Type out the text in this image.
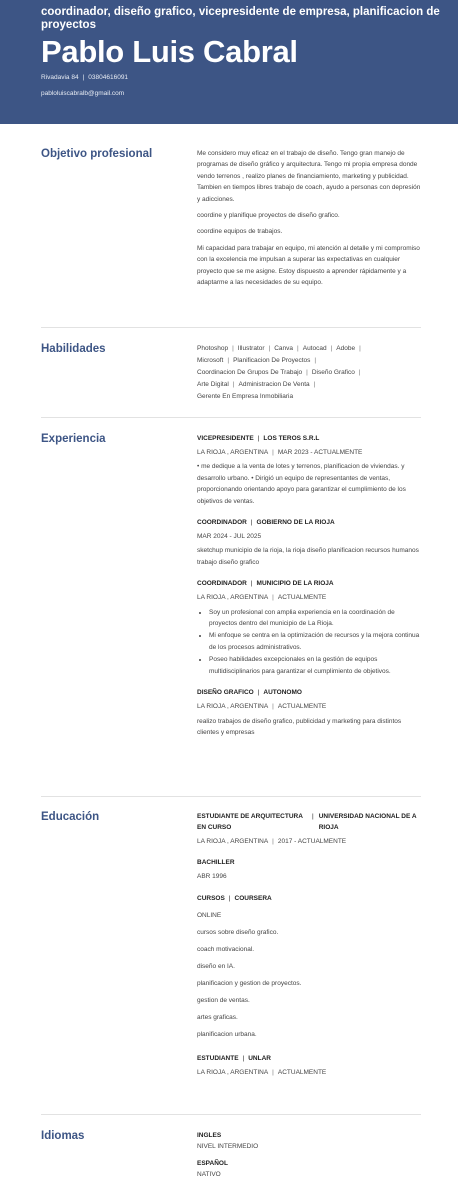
coordinador, diseño grafico, vicepresidente de empresa, planificacion de proyectos
Pablo Luis Cabral
Rivadavia 84 | 03804616091
pabloluiscabralb@gmail.com
Objetivo profesional	Me considero muy eficaz en el trabajo de diseño. Tengo gran manejo de programas de diseño gráfico y arquitectura. Tengo mi propia empresa donde vendo terrenos , realizo planes de financiamiento, marketing y publicidad. Tambien en tiempos libres trabajo de coach, ayudo a personas con depresión y adicciones.
coordine y planifique proyectos de diseño grafico.
coordine equipos de trabajos.
Mi capacidad para trabajar en equipo, mi atención al detalle y mi compromiso con la excelencia me impulsan a superar las expectativas en cualquier proyecto que se me asigne. Estoy dispuesto a aprender rápidamente y a adaptarme a las necesidades de su equipo.
Habilidades	Photoshop | Illustrator | Canva | Autocad | Adobe |
Microsoft | Planificacion De Proyectos |
Coordinacion De Grupos De Trabajo | Diseño Grafico |
Arte Digital | Administracion De Venta |
Gerente En Empresa Inmobiliaria
Experiencia	VICEPRESIDENTE | LOS TEROS S.R.L
LA RIOJA , ARGENTINA | MAR 2023 - ACTUALMENTE
• me dedique a la venta de lotes y terrenos, planificacion de viviendas. y desarrollo urbano. • Dirigió un equipo de representantes de ventas, proporcionando orientando apoyo para garantizar el cumplimiento de los objetivos de ventas.
COORDINADOR | GOBIERNO DE LA RIOJA
MAR 2024 - JUL 2025
sketchup municipio de la rioja, la rioja diseño planificacion recursos humanos trabajo diseño grafico
COORDINADOR | MUNICIPIO DE LA RIOJA
LA RIOJA , ARGENTINA | ACTUALMENTE
• Soy un profesional con amplia experiencia en la coordinación de proyectos dentro del municipio de La Rioja.
• Mi enfoque se centra en la optimización de recursos y la mejora continua de los procesos administrativos.
• Poseo habilidades excepcionales en la gestión de equipos multidisciplinarios para garantizar el cumplimiento de objetivos.
DISEÑO GRAFICO | AUTONOMO
LA RIOJA , ARGENTINA | ACTUALMENTE
realizo trabajos de diseño grafico, publicidad y marketing para distintos clientes y empresas
Educación	ESTUDIANTE DE ARQUITECTURA EN CURSO
| UNIVERSIDAD NACIONAL DE A RIOJA
LA RIOJA , ARGENTINA | 2017 - ACTUALMENTE
BACHILLER
ABR 1996
CURSOS | COURSERA
ONLINE
cursos sobre diseño grafico.
coach motivacional.
diseño en IA.
planificacion y gestion de proyectos.
gestion de ventas.
artes graficas.
planificacion urbana.
ESTUDIANTE | UNLAR
LA RIOJA , ARGENTINA | ACTUALMENTE
Idiomas	INGLES
NIVEL INTERMEDIO
ESPAÑOL
NATIVO
